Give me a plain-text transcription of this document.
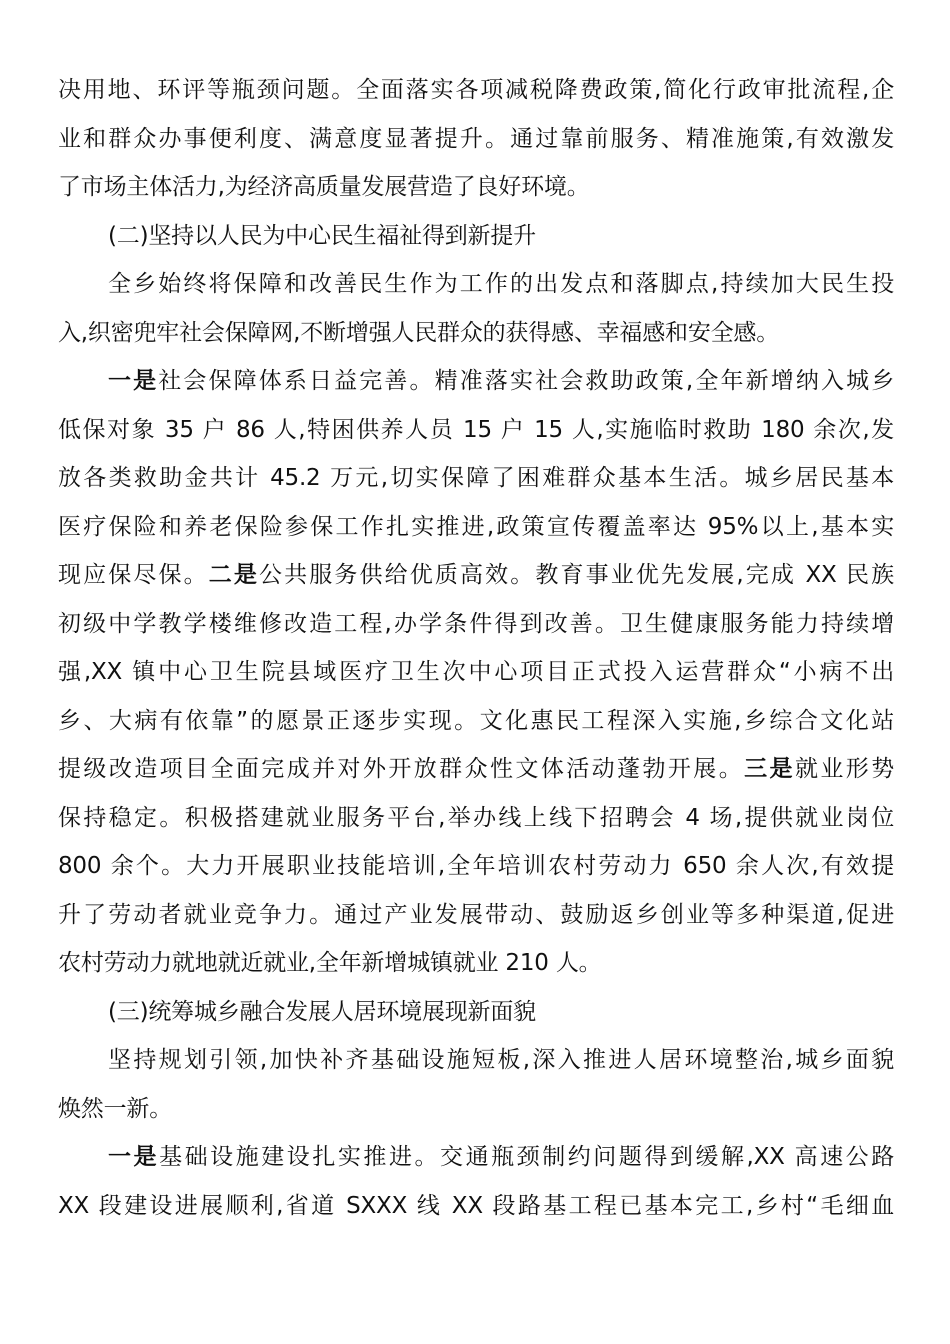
决用地、环评等瓶颈问题。全面落实各项减税降费政策,简化行政审批流程,企
业和群众办事便利度、满意度显著提升。通过靠前服务、精准施策,有效激发
了市场主体活力,为经济高质量发展营造了良好环境。
(二)坚持以人民为中心民生福祉得到新提升
全乡始终将保障和改善民生作为工作的出发点和落脚点,持续加大民生投
入,织密兜牢社会保障网,不断增强人民群众的获得感、幸福感和安全感。
一是社会保障体系日益完善。精准落实社会救助政策,全年新增纳入城乡
低保对象 35 户 86 人,特困供养人员 15 户 15 人,实施临时救助 180 余次,发
放各类救助金共计 45.2 万元,切实保障了困难群众基本生活。城乡居民基本
医疗保险和养老保险参保工作扎实推进,政策宣传覆盖率达 95%以上,基本实
现应保尽保。二是公共服务供给优质高效。教育事业优先发展,完成 XX 民族
初级中学教学楼维修改造工程,办学条件得到改善。卫生健康服务能力持续增
强,XX 镇中心卫生院县域医疗卫生次中心项目正式投入运营群众“小病不出
乡、大病有依靠”的愿景正逐步实现。文化惠民工程深入实施,乡综合文化站
提级改造项目全面完成并对外开放群众性文体活动蓬勃开展。三是就业形势
保持稳定。积极搭建就业服务平台,举办线上线下招聘会 4 场,提供就业岗位
800 余个。大力开展职业技能培训,全年培训农村劳动力 650 余人次,有效提
升了劳动者就业竞争力。通过产业发展带动、鼓励返乡创业等多种渠道,促进
农村劳动力就地就近就业,全年新增城镇就业 210 人。
(三)统筹城乡融合发展人居环境展现新面貌
坚持规划引领,加快补齐基础设施短板,深入推进人居环境整治,城乡面貌
焕然一新。
一是基础设施建设扎实推进。交通瓶颈制约问题得到缓解,XX 高速公路
XX 段建设进展顺利,省道 SXXX 线 XX 段路基工程已基本完工,乡村“毛细血
